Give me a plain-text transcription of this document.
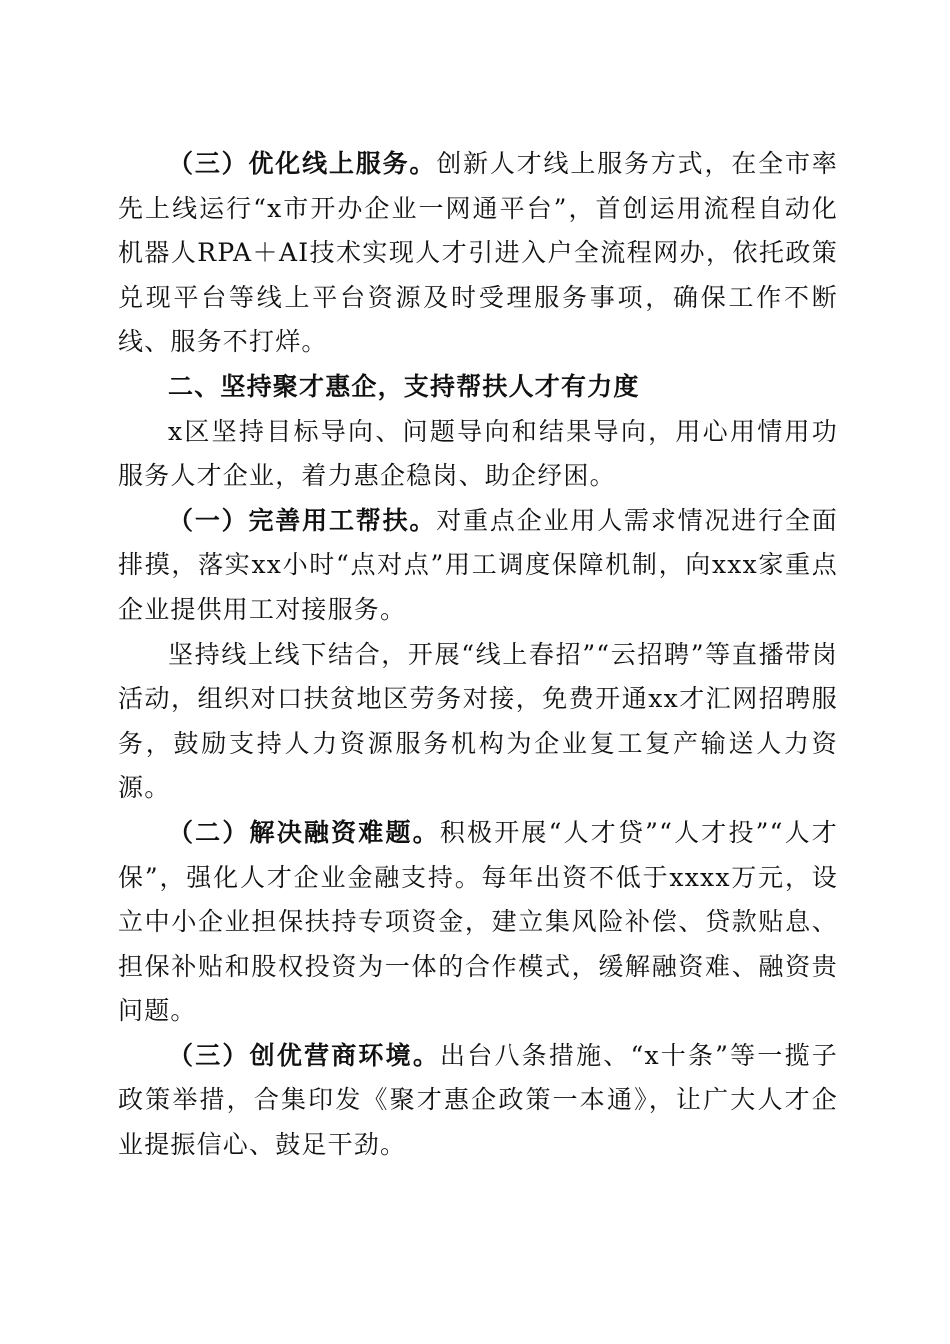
（三）优化线上服务。创新人才线上服务方式，在全市率先上线运行“x市开办企业一网通平台”，首创运用流程自动化机器人RPA＋AI技术实现人才引进入户全流程网办，依托政策兑现平台等线上平台资源及时受理服务事项，确保工作不断线、服务不打烊。

二、坚持聚才惠企，支持帮扶人才有力度

x区坚持目标导向、问题导向和结果导向，用心用情用功服务人才企业，着力惠企稳岗、助企纾困。

（一）完善用工帮扶。对重点企业用人需求情况进行全面排摸，落实xx小时“点对点”用工调度保障机制，向xxx家重点企业提供用工对接服务。

坚持线上线下结合，开展“线上春招”“云招聘”等直播带岗活动，组织对口扶贫地区劳务对接，免费开通xx才汇网招聘服务，鼓励支持人力资源服务机构为企业复工复产输送人力资源。

（二）解决融资难题。积极开展“人才贷”“人才投”“人才保”，强化人才企业金融支持。每年出资不低于xxxx万元，设立中小企业担保扶持专项资金，建立集风险补偿、贷款贴息、担保补贴和股权投资为一体的合作模式，缓解融资难、融资贵问题。

（三）创优营商环境。出台八条措施、“x十条”等一揽子政策举措，合集印发《聚才惠企政策一本通》，让广大人才企业提振信心、鼓足干劲。
